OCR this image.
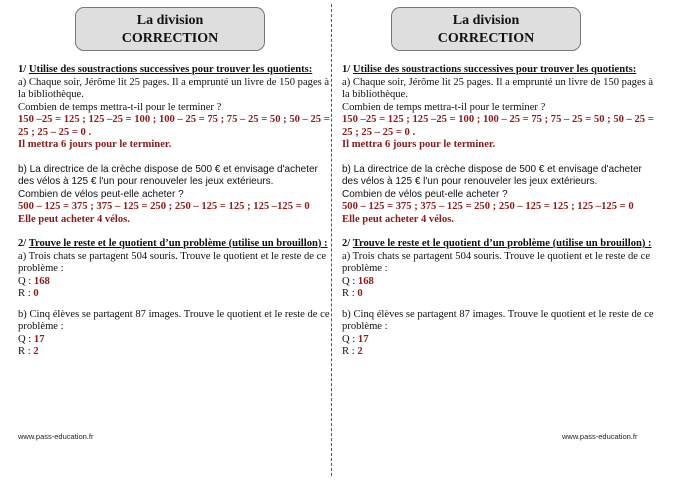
La division
CORRECTION

1/ Utilise des soustractions successives pour trouver les quotients:

a) Chaque soir, Jérôme lit 25 pages. Il a emprunté un livre de 150 pages à la bibliothèque.

Combien de temps mettra-t-il pour le terminer ?

150 –25 = 125 ; 125 –25 = 100 ; 100 – 25 = 75 ; 75 – 25 = 50 ; 50 – 25 = 25 ; 25 – 25 = 0 .

Il mettra 6 jours pour le terminer.

b) La directrice de la crèche dispose de 500 € et envisage d'acheter des vélos à 125 € l'un pour renouveler les jeux extérieurs.

Combien de vélos peut-elle acheter ?

500 – 125 = 375 ; 375 – 125 = 250 ; 250 – 125 = 125 ; 125 –125 = 0

Elle peut acheter 4 vélos.

2/ Trouve le reste et le quotient d’un problème (utilise un brouillon) :

a) Trois chats se partagent 504 souris. Trouve le quotient et le reste de ce problème :

Q : 168

R : 0

b) Cinq élèves se partagent 87 images. Trouve le quotient et le reste de ce problème :

Q : 17

R : 2

www.pass-education.fr
La division
CORRECTION

1/ Utilise des soustractions successives pour trouver les quotients:

a) Chaque soir, Jérôme lit 25 pages. Il a emprunté un livre de 150 pages à la bibliothèque.

Combien de temps mettra-t-il pour le terminer ?

150 –25 = 125 ; 125 –25 = 100 ; 100 – 25 = 75 ; 75 – 25 = 50 ; 50 – 25 = 25 ; 25 – 25 = 0 .

Il mettra 6 jours pour le terminer.

b) La directrice de la crèche dispose de 500 € et envisage d'acheter des vélos à 125 € l'un pour renouveler les jeux extérieurs.

Combien de vélos peut-elle acheter ?

500 – 125 = 375 ; 375 – 125 = 250 ; 250 – 125 = 125 ; 125 –125 = 0

Elle peut acheter 4 vélos.

2/ Trouve le reste et le quotient d’un problème (utilise un brouillon) :

a) Trois chats se partagent 504 souris. Trouve le quotient et le reste de ce problème :

Q : 168

R : 0

b) Cinq élèves se partagent 87 images. Trouve le quotient et le reste de ce problème :

Q : 17

R : 2

www.pass-education.fr
